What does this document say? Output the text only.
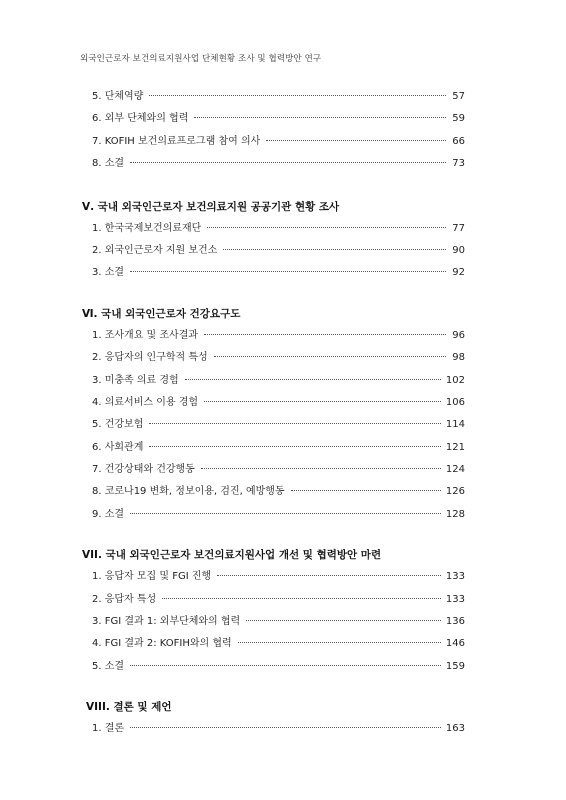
외국인근로자 보건의료지원사업 단체현황 조사 및 협력방안 연구
5. 단체역량	57
6. 외부 단체와의 협력	59
7. KOFIH 보건의료프로그램 참여 의사	66
8. 소결	73
Ⅴ. 국내 외국인근로자 보건의료지원 공공기관 현황 조사
1. 한국국제보건의료재단	77
2. 외국인근로자 지원 보건소	90
3. 소결	92
Ⅵ. 국내 외국인근로자 건강요구도
1. 조사개요 및 조사결과	96
2. 응답자의 인구학적 특성	98
3. 미충족 의료 경험	102
4. 의료서비스 이용 경험	106
5. 건강보험	114
6. 사회관계	121
7. 건강상태와 건강행동	124
8. 코로나19 변화, 정보이용, 검진, 예방행동	126
9. 소결	128
VII. 국내 외국인근로자 보건의료지원사업 개선 및 협력방안 마련
1. 응답자 모집 및 FGI 진행	133
2. 응답자 특성	133
3. FGI 결과 1: 외부단체와의 협력	136
4. FGI 결과 2: KOFIH와의 협력	146
5. 소결	159
VIII. 결론 및 제언
1. 결론	163
